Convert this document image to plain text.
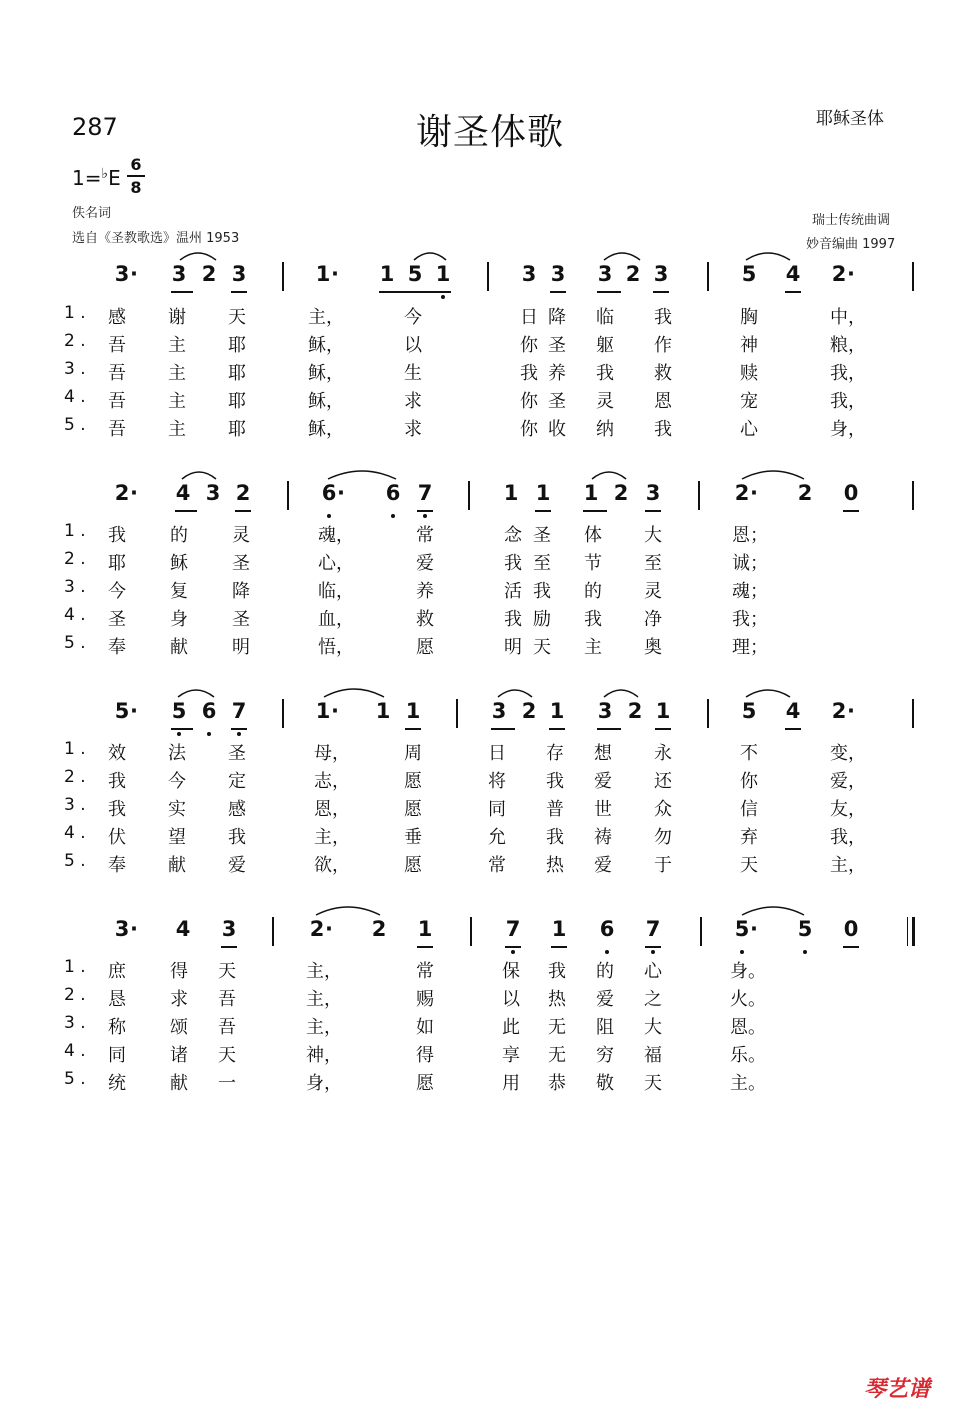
287	谢圣体歌	耶稣圣体
1=♭E
6
8
佚名词
选自《圣教歌选》温州 1953
瑞士传统曲调
妙音编曲 1997
3 · 3 2 3	1 · 1 5 1	3 3 3 2 3	5 4 2 ·
2 · 4 3 2	6 · 6 7	1 1 1 2 3	2 · 2 0
5 · 5 6 7	1 · 1 1	3 2 1 3 2 1	5 4 2 ·
3 · 4 3	2 · 2 1	7 1 6 7	5 · 5 0
琴艺谱
1 . 感 谢 天	主，	今	日 降 临 我	胸	中，
2 . 吾 主 耶	稣，	以	你 圣 躯 作	神	粮，
3 . 吾 主 耶	稣，	生	我 养 我 救	赎	我，
4 . 吾 主 耶	稣，	求	你 圣 灵 恩	宠	我，
5 . 吾 主 耶	稣，	求	你 收 纳 我	心	身，
1 . 我 的 灵	魂，	常	念 圣 体 大	恩；
2 . 耶 稣 圣	心，	爱	我 至 节 至	诚；
3 . 今 复 降	临，	养	活 我 的 灵	魂；
4 . 圣 身 圣	血，	救	我 励 我 净	我；
5 . 奉 献 明	悟，	愿	明 天 主 奥	理；
1 . 效 法 圣	母，	周	日 存 想 永	不	变，
2 . 我 今 定	志，	愿	将 我 爱 还	你	爱，
3 . 我 实 感	恩，	愿	同 普 世 众	信	友，
4 . 伏 望 我	主，	垂	允 我 祷 勿	弃	我，
5 . 奉 献 爱	欲，	愿	常 热 爱 于	天	主，
1 . 庶 得 天	主，	常	保 我 的 心	身。
2 . 恳 求 吾	主，	赐	以 热 爱 之	火。
3 . 称 颂 吾	主，	如	此 无 阻 大	恩。
4 . 同 诸 天	神，	得	享 无 穷 福	乐。
5 . 统 献 一	身，	愿	用 恭 敬 天	主。
